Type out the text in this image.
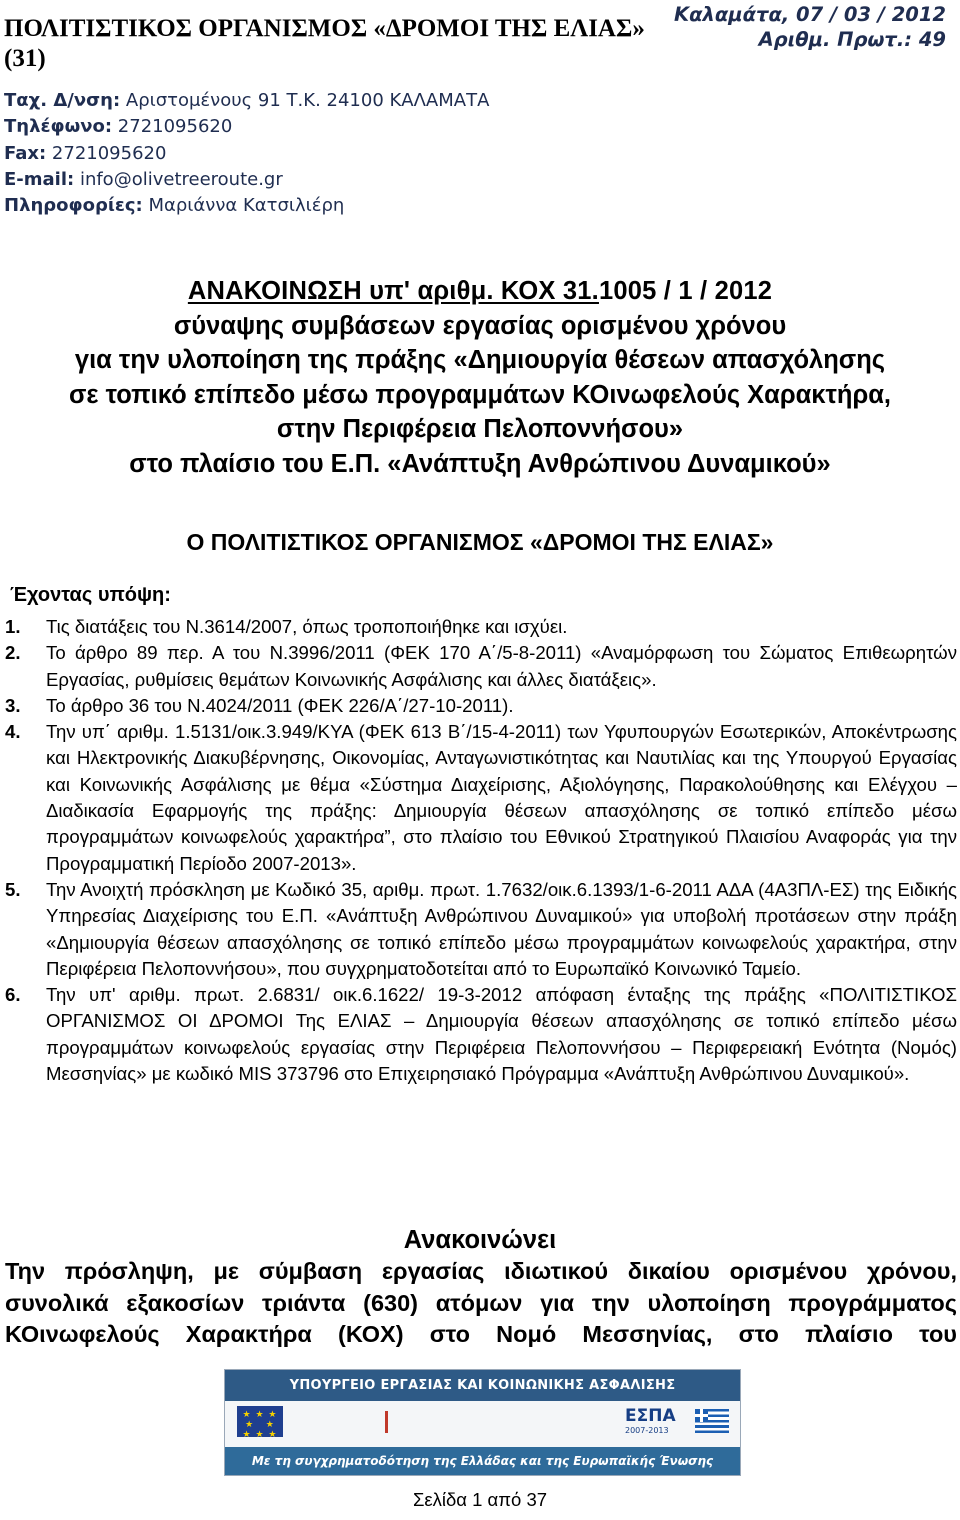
ΠΟΛΙΤΙΣΤΙΚΟΣ ΟΡΓΑΝΙΣΜΟΣ «ΔΡΟΜΟΙ ΤΗΣ ΕΛΙΑΣ» (31)

Ταχ. Δ/νση: Αριστομένους 91 Τ.Κ. 24100 ΚΑΛΑΜΑΤΑ
Τηλέφωνο: 2721095620
Fax: 2721095620
E-mail: info@olivetreeroute.gr
Πληροφορίες: Μαριάννα Κατσιλιέρη
Καλαμάτα, 07 / 03 / 2012
Αριθμ. Πρωτ.: 49
ΑΝΑΚΟΙΝΩΣΗ υπ' αριθμ. ΚΟΧ 31.1005 / 1 / 2012
σύναψης συμβάσεων εργασίας ορισμένου χρόνου
για την υλοποίηση της πράξης «Δημιουργία θέσεων απασχόλησης
σε τοπικό επίπεδο μέσω προγραμμάτων ΚΟινωφελούς Χαρακτήρα,
στην Περιφέρεια Πελοποννήσου»
στο πλαίσιο του Ε.Π. «Ανάπτυξη Ανθρώπινου Δυναμικού»
Ο ΠΟΛΙΤΙΣΤΙΚΟΣ ΟΡΓΑΝΙΣΜΟΣ «ΔΡΟΜΟΙ ΤΗΣ ΕΛΙΑΣ»
Έχοντας υπόψη:
1.	Τις διατάξεις του Ν.3614/2007, όπως τροποποιήθηκε και ισχύει.
2.	Το άρθρο 89 περ. Α του Ν.3996/2011 (ΦΕΚ 170 Α΄/5-8-2011) «Αναμόρφωση του Σώματος Επιθεωρητών Εργασίας, ρυθμίσεις θεμάτων Κοινωνικής Ασφάλισης και άλλες διατάξεις».
3.	Το άρθρο 36 του Ν.4024/2011 (ΦΕΚ 226/Α΄/27-10-2011).
4.	Την υπ΄ αριθμ. 1.5131/οικ.3.949/ΚΥΑ (ΦΕΚ 613 Β΄/15-4-2011) των Υφυπουργών Εσωτερικών, Αποκέντρωσης και Ηλεκτρονικής Διακυβέρνησης, Οικονομίας, Ανταγωνιστικότητας και Ναυτιλίας και της Υπουργού Εργασίας και Κοινωνικής Ασφάλισης με θέμα «Σύστημα Διαχείρισης, Αξιολόγησης, Παρακολούθησης και Ελέγχου – Διαδικασία Εφαρμογής της πράξης: Δημιουργία θέσεων απασχόλησης σε τοπικό επίπεδο μέσω προγραμμάτων κοινωφελούς χαρακτήρα”, στο πλαίσιο του Εθνικού Στρατηγικού Πλαισίου Αναφοράς για την Προγραμματική Περίοδο 2007-2013».
5.	Την Ανοιχτή πρόσκληση με Κωδικό 35, αριθμ. πρωτ. 1.7632/οικ.6.1393/1-6-2011 ΑΔΑ (4Α3ΠΛ-ΕΣ) της Ειδικής Υπηρεσίας Διαχείρισης του Ε.Π. «Ανάπτυξη Ανθρώπινου Δυναμικού» για υποβολή προτάσεων στην πράξη «Δημιουργία θέσεων απασχόλησης σε τοπικό επίπεδο μέσω προγραμμάτων κοινωφελούς χαρακτήρα, στην Περιφέρεια Πελοποννήσου», που συγχρηματοδοτείται από το Ευρωπαϊκό Κοινωνικό Ταμείο.
6.	Την υπ' αριθμ. πρωτ. 2.6831/ οικ.6.1622/ 19-3-2012 απόφαση ένταξης της πράξης «ΠΟΛΙΤΙΣΤΙΚΟΣ ΟΡΓΑΝΙΣΜΟΣ ΟΙ ΔΡΟΜΟΙ Της ΕΛΙΑΣ – Δημιουργία θέσεων απασχόλησης σε τοπικό επίπεδο μέσω προγραμμάτων κοινωφελούς εργασίας στην Περιφέρεια Πελοποννήσου – Περιφερειακή Ενότητα (Νομός) Μεσσηνίας» με κωδικό MIS 373796 στο Επιχειρησιακό Πρόγραμμα «Ανάπτυξη Ανθρώπινου Δυναμικού».
Ανακοινώνει
Την πρόσληψη, με σύμβαση εργασίας ιδιωτικού δικαίου ορισμένου χρόνου, συνολικά εξακοσίων τριάντα (630) ατόμων για την υλοποίηση προγράμματος ΚΟινωφελούς Χαρακτήρα (ΚΟΧ) στο Νομό Μεσσηνίας, στο πλαίσιο του
ΥΠΟΥΡΓΕΙΟ ΕΡΓΑΣΙΑΣ ΚΑΙ ΚΟΙΝΩΝΙΚΗΣ ΑΣΦΑΛΙΣΗΣ
★ ★ ★
★   ★
★ ★ ★
ΕΣΠΑ
2007-2013
Με τη συγχρηματοδότηση της Ελλάδας και της Ευρωπαϊκής Ένωσης
Σελίδα 1 από 37
